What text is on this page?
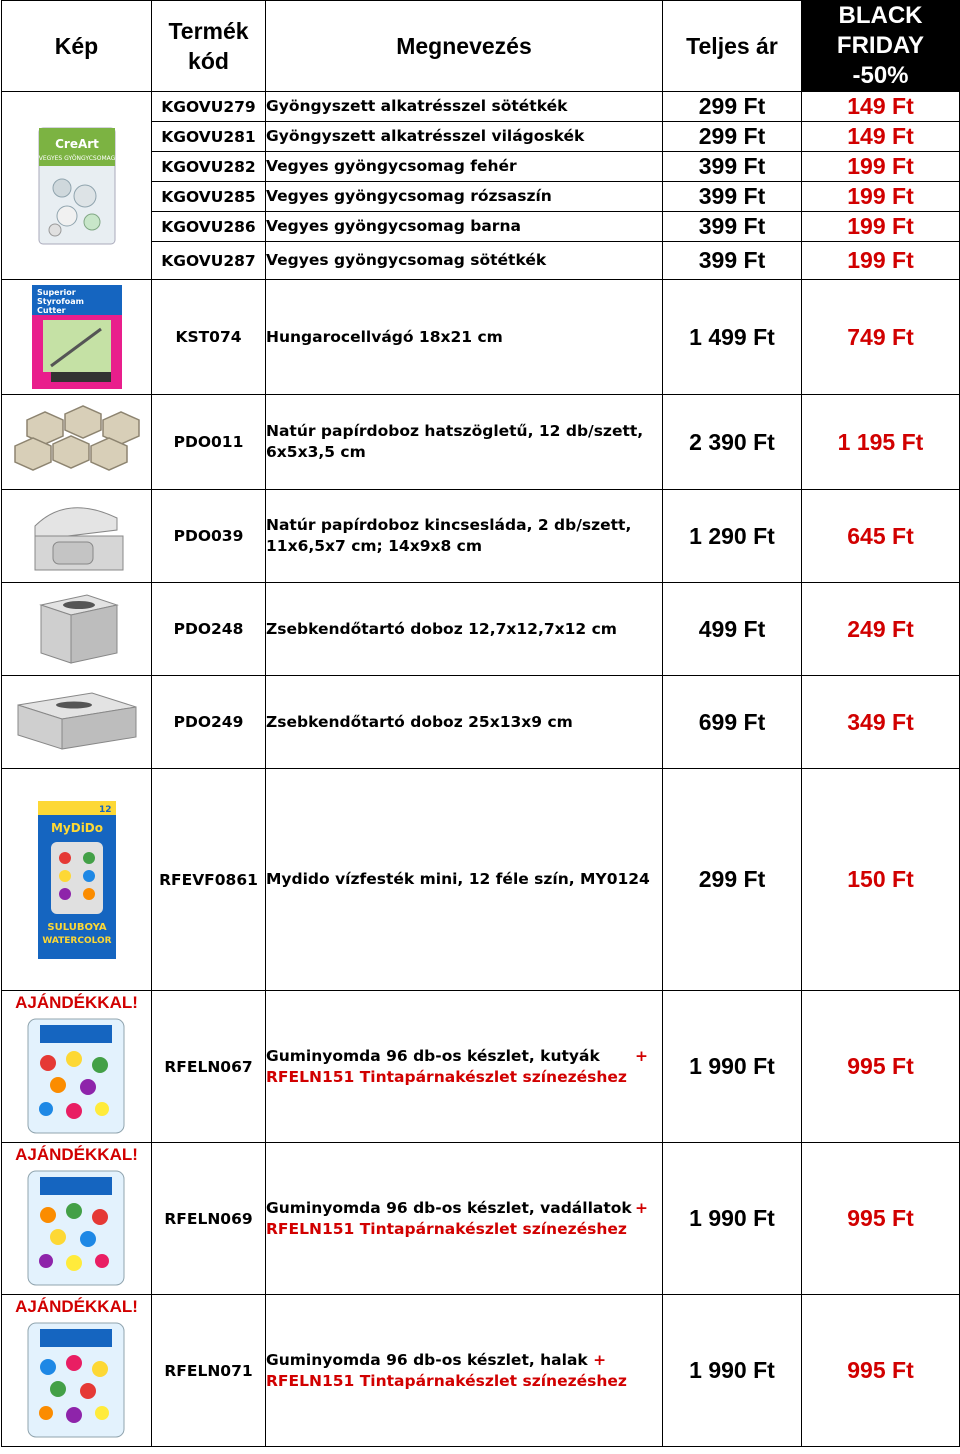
Kép	Termék kód	Megnevezés	Teljes ár	BLACK
FRIDAY
-50%

CreArt
VEGYES GYÖNGYCSOMAG	KGOVU279	Gyöngyszett alkatrésszel sötétkék	299 Ft	149 Ft
	KGOVU281	Gyöngyszett alkatrésszel világoskék	299 Ft	149 Ft
	KGOVU282	Vegyes gyöngycsomag fehér	399 Ft	199 Ft
	KGOVU285	Vegyes gyöngycsomag rózsaszín	399 Ft	199 Ft
	KGOVU286	Vegyes gyöngycsomag barna	399 Ft	199 Ft
	KGOVU287	Vegyes gyöngycsomag sötétkék	399 Ft	199 Ft

Superior
Styrofoam
Cutter	KST074	Hungarocellvágó 18x21 cm	1 499 Ft	749 Ft

	PDO011	Natúr papírdoboz hatszögletű, 12 db/szett,
6x5x3,5 cm	2 390 Ft	1 195 Ft

	PDO039	Natúr papírdoboz kincsesláda, 2 db/szett,
11x6,5x7 cm; 14x9x8 cm	1 290 Ft	645 Ft

	PDO248	Zsebkendőtartó doboz 12,7x12,7x12 cm	499 Ft	249 Ft

	PDO249	Zsebkendőtartó doboz 25x13x9 cm	699 Ft	349 Ft

12
MyDiDo
SULUBOYA
WATERCOLOR	RFEVF0861	Mydido vízfesték mini, 12 féle szín, MY0124	299 Ft	150 Ft

AJÁNDÉKKAL!	RFELN067	Guminyomda 96 db-os készlet, kutyák +
RFELN151 Tintapárnakészlet színezéshez	1 990 Ft	995 Ft

AJÁNDÉKKAL!	RFELN069	Guminyomda 96 db-os készlet, vadállatok +
RFELN151 Tintapárnakészlet színezéshez	1 990 Ft	995 Ft

AJÁNDÉKKAL!	RFELN071	Guminyomda 96 db-os készlet, halak +
RFELN151 Tintapárnakészlet színezéshez	1 990 Ft	995 Ft
